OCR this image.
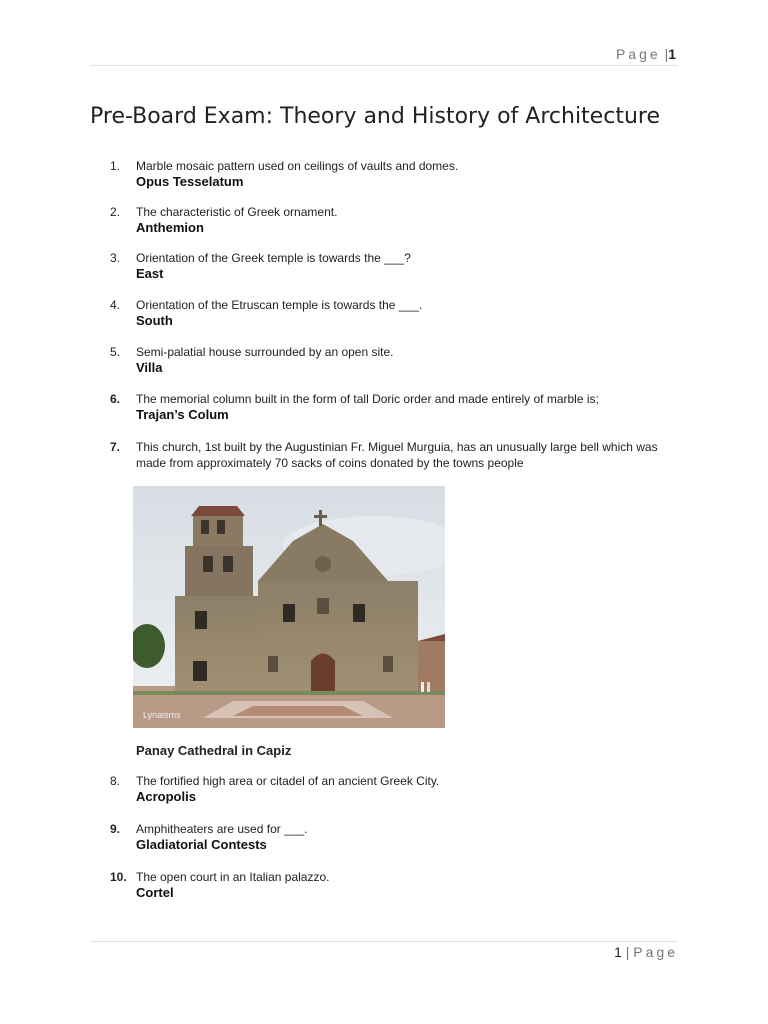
Page |1
Pre-Board Exam: Theory and History of Architecture
1.	Marble mosaic pattern used on ceilings of vaults and domes.
Opus Tesselatum
2.	The characteristic of Greek ornament.
Anthemion
3.	Orientation of the Greek temple is towards the ___?
East
4.	Orientation of the Etruscan temple is towards the ___.
South
5.	Semi-palatial house surrounded by an open site.
Villa
6.	The memorial column built in the form of tall Doric order and made entirely of marble is;
Trajan’s Colum
7.	This church, 1st built by the Augustinian Fr. Miguel Murguia, has an unusually large bell which was made from approximately 70 sacks of coins donated by the towns people
Lynaisms
Panay Cathedral in Capiz
8.	The fortified high area or citadel of an ancient Greek City.
Acropolis
9.	Amphitheaters are used for ___.
Gladiatorial Contests
10. The open court in an Italian palazzo.
Cortel
1 | Page
